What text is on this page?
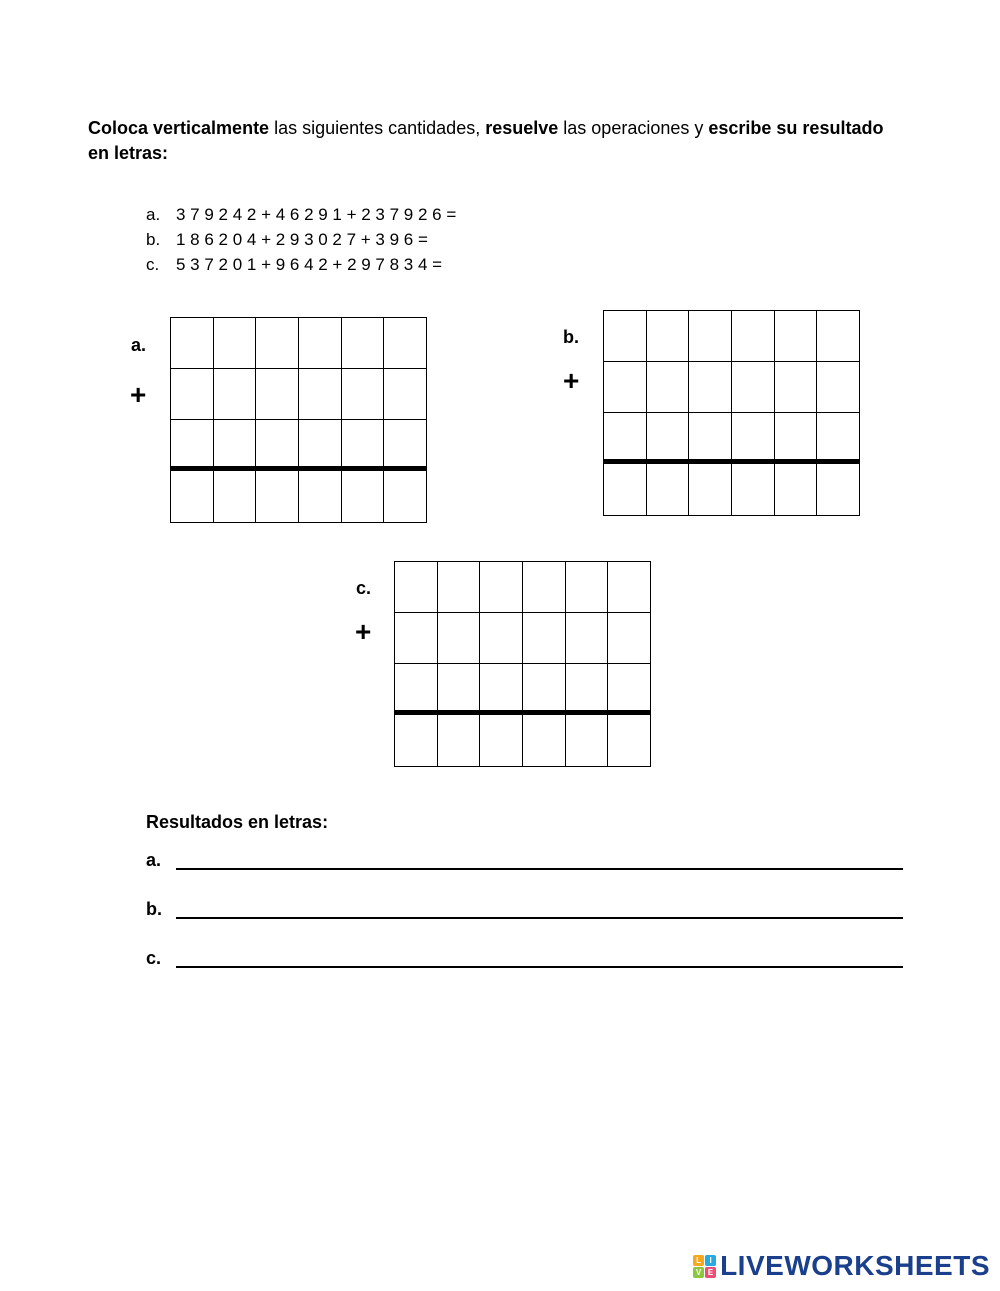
Coloca verticalmente las siguientes cantidades, resuelve las operaciones y escribe su resultado en letras:
a. 3 7 9 2 4 2 + 4 6 2 9 1 + 2 3 7 9 2 6 =
b. 1 8 6 2 0 4 + 2 9 3 0 2 7 + 3 9 6 =
c. 5 3 7 2 0 1 + 9 6 4 2 + 2 9 7 8 3 4 =
a.
+
b.
+
c.
+
Resultados en letras:
a.
b.
c.
L	I
V E LIVEWORKSHEETS
